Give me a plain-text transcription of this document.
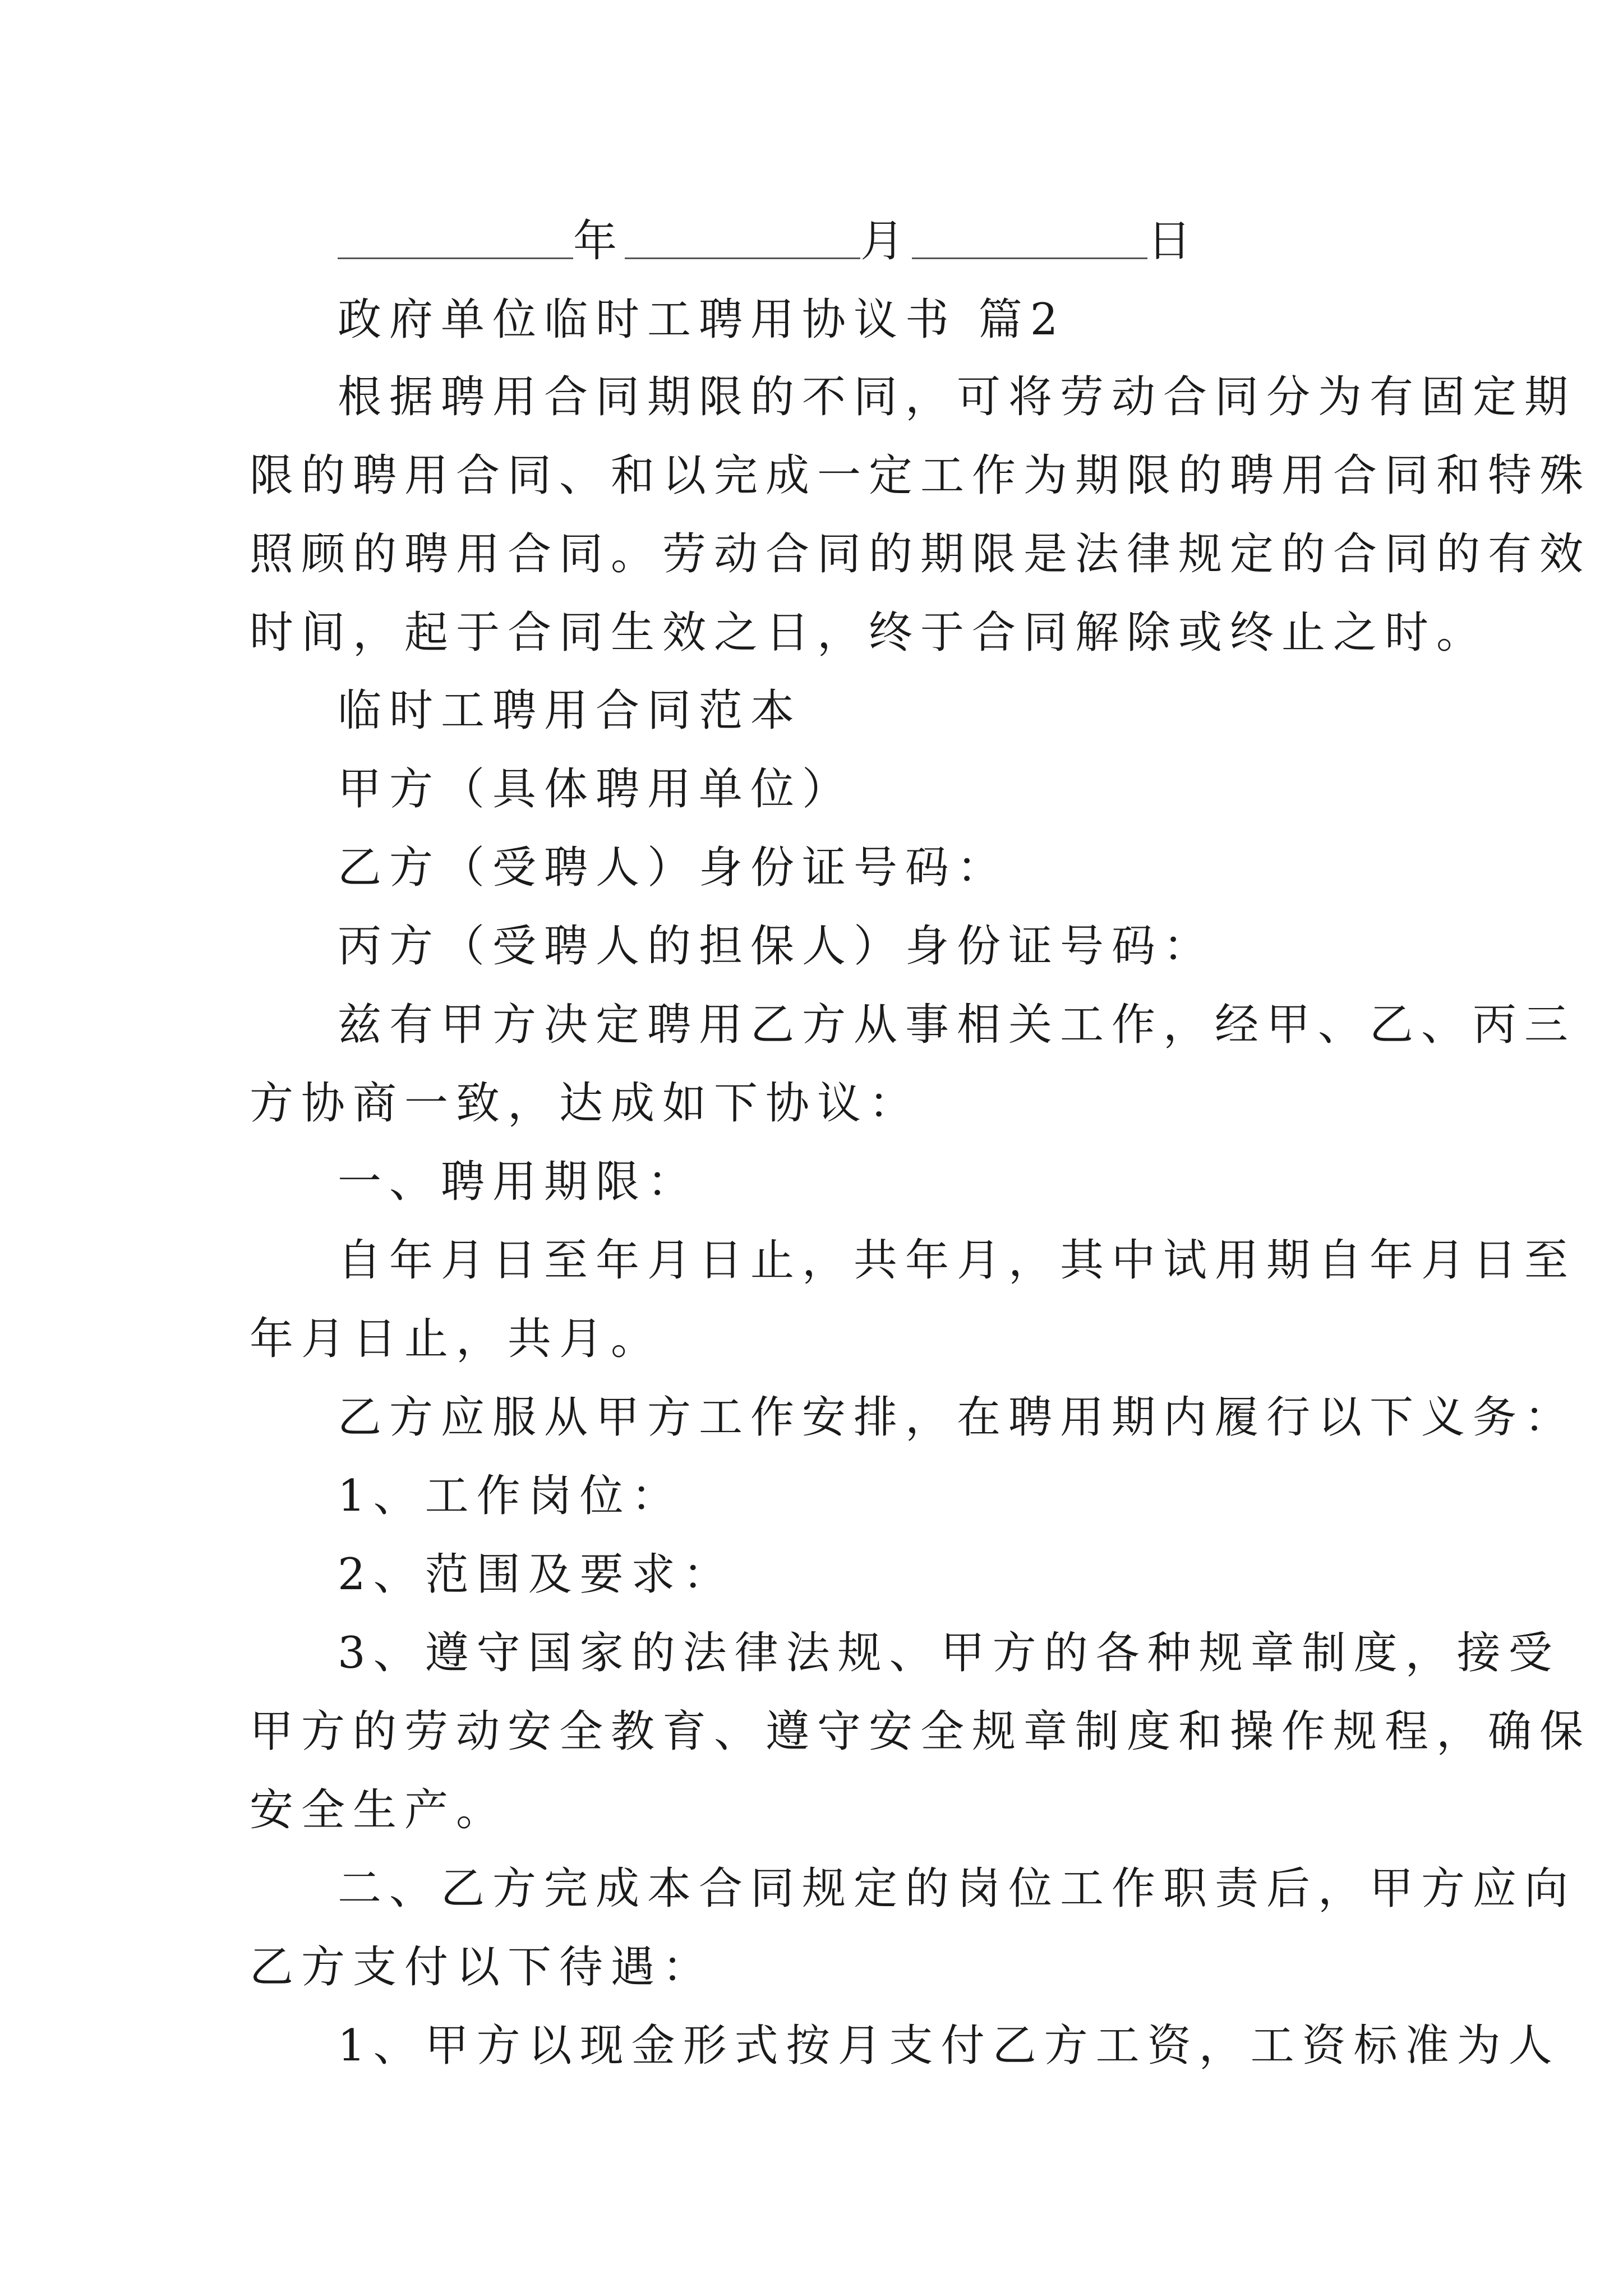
年	月	日
政府单位临时工聘用协议书 篇2
根据聘用合同期限的不同，可将劳动合同分为有固定期
限的聘用合同、和以完成一定工作为期限的聘用合同和特殊
照顾的聘用合同。劳动合同的期限是法律规定的合同的有效
时间，起于合同生效之日，终于合同解除或终止之时。
临时工聘用合同范本
甲方（具体聘用单位）
乙方（受聘人）身份证号码：
丙方（受聘人的担保人）身份证号码：
兹有甲方决定聘用乙方从事相关工作，经甲、乙、丙三
方协商一致，达成如下协议：
一、聘用期限：
自年月日至年月日止，共年月，其中试用期自年月日至
年月日止，共月。
乙方应服从甲方工作安排，在聘用期内履行以下义务：
1、工作岗位：
2、范围及要求：
3、遵守国家的法律法规、甲方的各种规章制度，接受
甲方的劳动安全教育、遵守安全规章制度和操作规程，确保
安全生产。
二、乙方完成本合同规定的岗位工作职责后，甲方应向
乙方支付以下待遇：
1、甲方以现金形式按月支付乙方工资，工资标准为人
